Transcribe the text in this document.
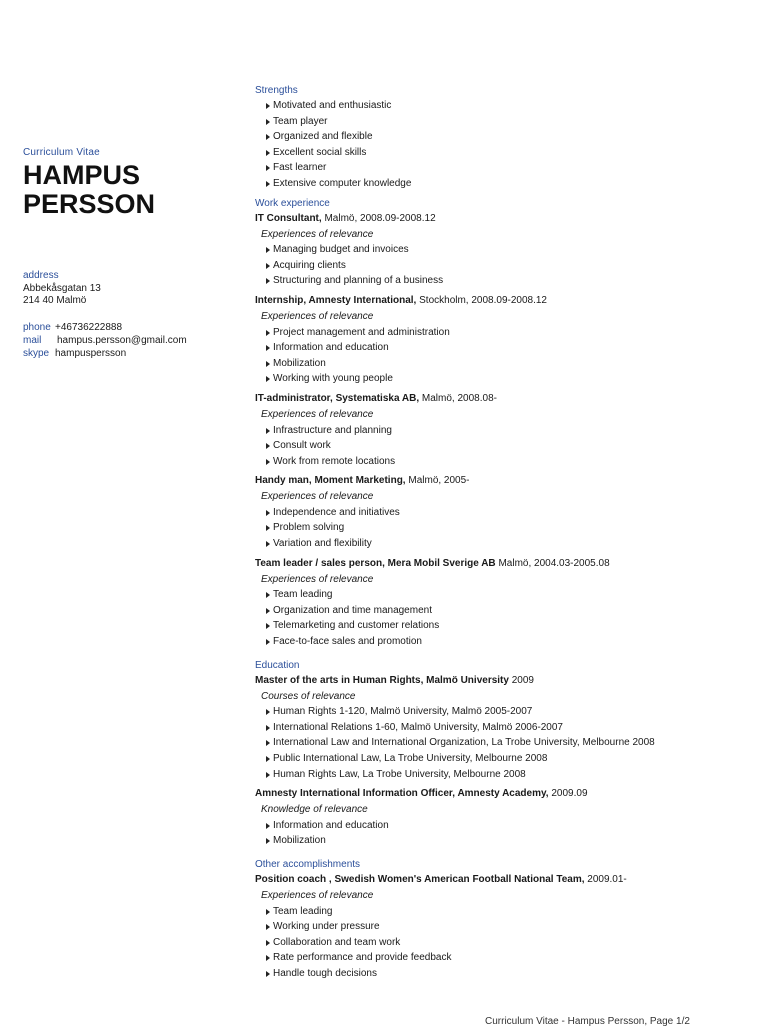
Curriculum Vitae
HAMPUS
PERSSON
address
Abbekåsgatan 13
214 40 Malmö
phone +46736222888
mail hampus.persson@gmail.com
skype hampuspersson
Strengths
Motivated and enthusiastic
Team player
Organized and flexible
Excellent social skills
Fast learner
Extensive computer knowledge
Work experience
IT Consultant, Malmö, 2008.09-2008.12
Experiences of relevance
Managing budget and invoices
Acquiring clients
Structuring and planning of a business
Internship, Amnesty International, Stockholm, 2008.09-2008.12
Experiences of relevance
Project management and administration
Information and education
Mobilization
Working with young people
IT-administrator, Systematiska AB, Malmö, 2008.08-
Experiences of relevance
Infrastructure and planning
Consult work
Work from remote locations
Handy man, Moment Marketing, Malmö, 2005-
Experiences of relevance
Independence and initiatives
Problem solving
Variation and flexibility
Team leader / sales person, Mera Mobil Sverige AB Malmö, 2004.03-2005.08
Experiences of relevance
Team leading
Organization and time management
Telemarketing and customer relations
Face-to-face sales and promotion
Education
Master of the arts in Human Rights, Malmö University 2009
Courses of relevance
Human Rights 1-120, Malmö University, Malmö 2005-2007
International Relations 1-60, Malmö University, Malmö 2006-2007
International Law and International Organization, La Trobe University, Melbourne 2008
Public International Law, La Trobe University, Melbourne 2008
Human Rights Law, La Trobe University, Melbourne 2008
Amnesty International Information Officer, Amnesty Academy, 2009.09
Knowledge of relevance
Information and education
Mobilization
Other accomplishments
Position coach , Swedish Women's American Football National Team, 2009.01-
Experiences of relevance
Team leading
Working under pressure
Collaboration and team work
Rate performance and provide feedback
Handle tough decisions
Curriculum Vitae - Hampus Persson, Page 1/2
